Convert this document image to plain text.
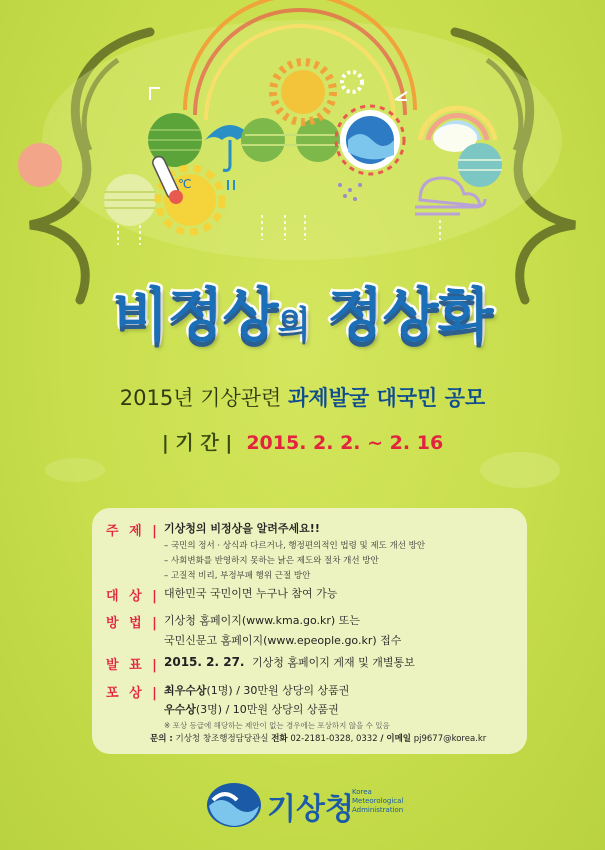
℃
비정상의 정상화
2015년 기상관련 과제발굴 대국민 공모
| 기 간 | 2015. 2. 2. ~ 2. 16
주 제 | 기상청의 비정상을 알려주세요!!
– 국민의 정서 · 상식과 다르거나, 행정편의적인 법령 및 제도 개선 방안
– 사회변화를 반영하지 못하는 낡은 제도와 절차 개선 방안
– 고질적 비리, 부정부패 행위 근절 방안
대 상 | 대한민국 국민이면 누구나 참여 가능
방 법 | 기상청 홈페이지(www.kma.go.kr) 또는
국민신문고 홈페이지(www.epeople.go.kr) 접수
발 표 | 2015. 2. 27. 기상청 홈페이지 게재 및 개별통보
포 상 | 최우수상(1명) / 30만원 상당의 상품권
우수상(3명) / 10만원 상당의 상품권
※ 포상 등급에 해당하는 제안이 없는 경우에는 포상하지 않을 수 있음
문의 : 기상청 창조행정담당관실 전화 02-2181-0328, 0332 / 이메일 pj9677@korea.kr
기상청
Korea
Meteorological
Administration
